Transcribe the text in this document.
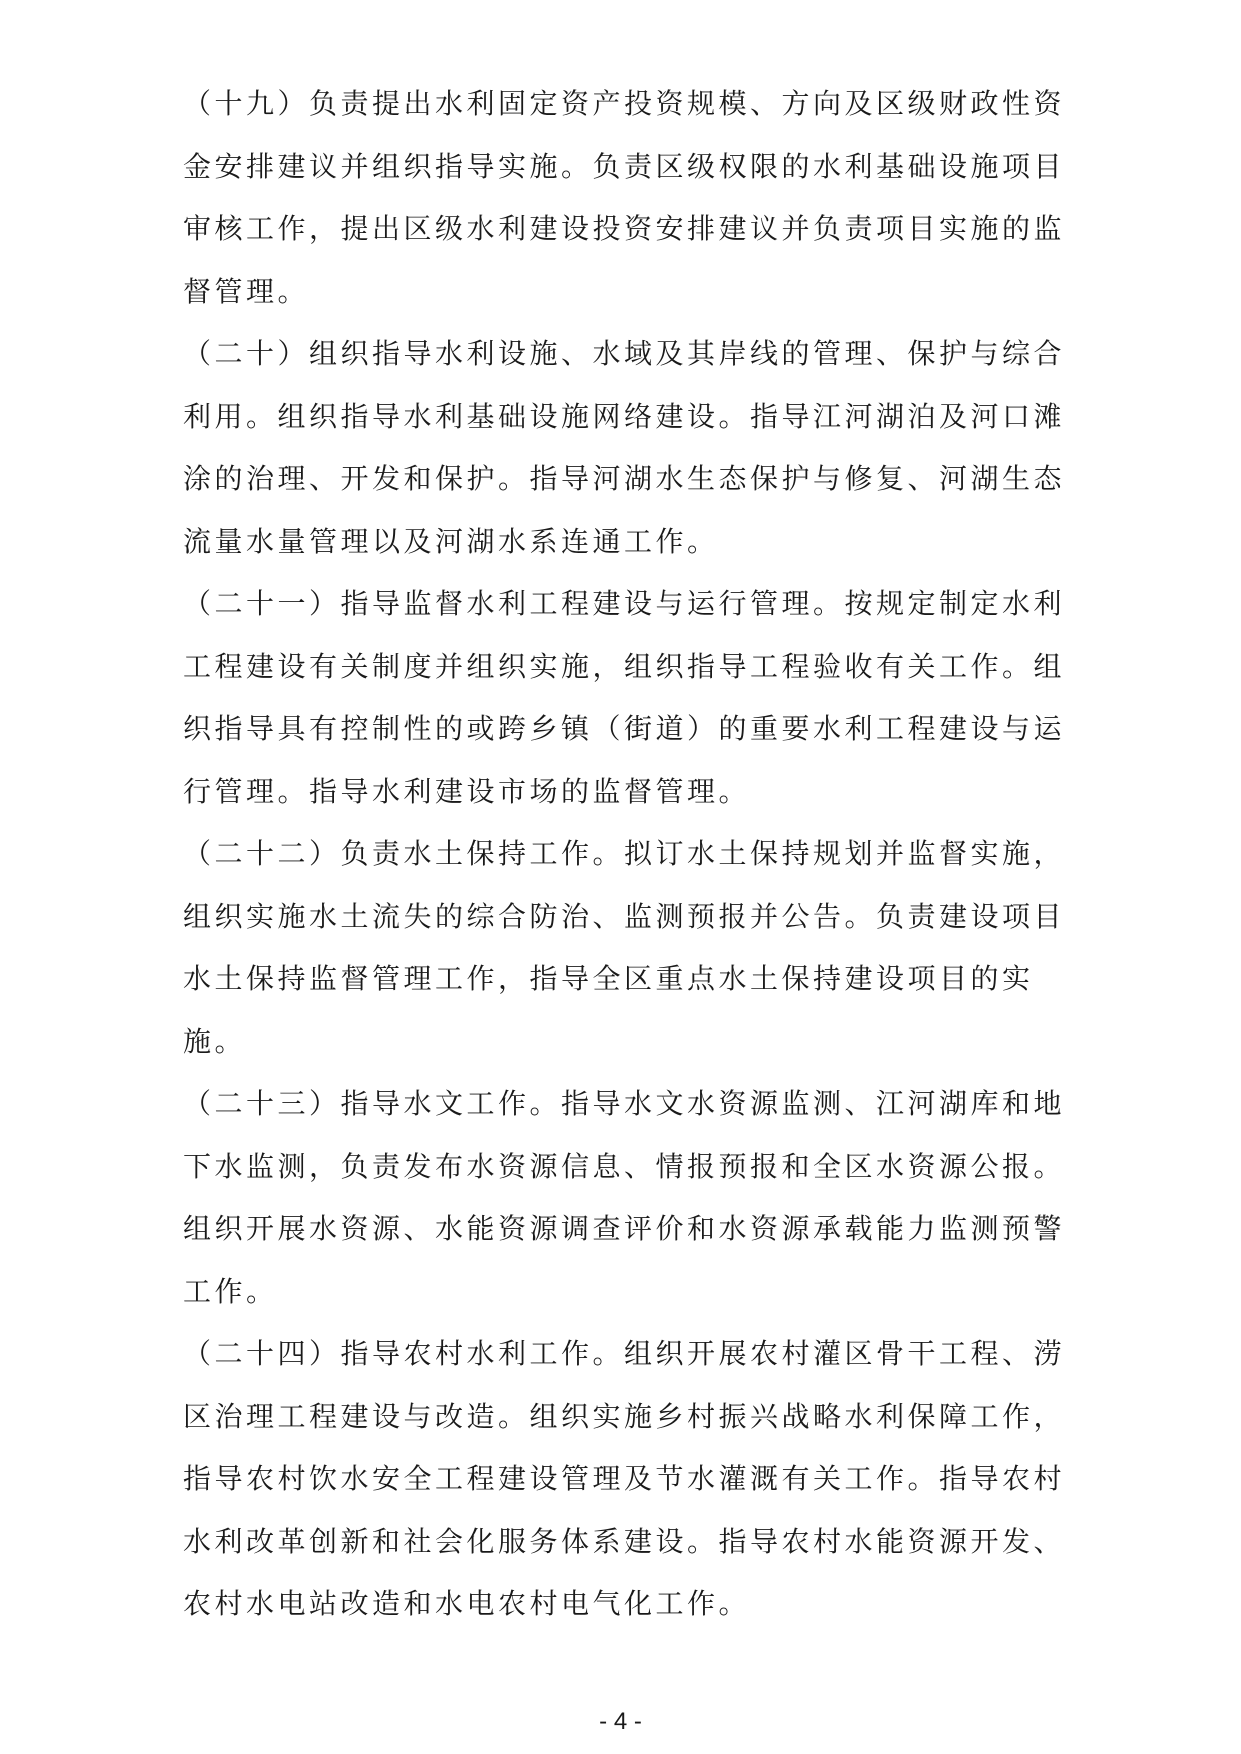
（十九）负责提出水利固定资产投资规模、方向及区级财政性资
金安排建议并组织指导实施。负责区级权限的水利基础设施项目
审核工作，提出区级水利建设投资安排建议并负责项目实施的监
督管理。
（二十）组织指导水利设施、水域及其岸线的管理、保护与综合
利用。组织指导水利基础设施网络建设。指导江河湖泊及河口滩
涂的治理、开发和保护。指导河湖水生态保护与修复、河湖生态
流量水量管理以及河湖水系连通工作。
（二十一）指导监督水利工程建设与运行管理。按规定制定水利
工程建设有关制度并组织实施，组织指导工程验收有关工作。组
织指导具有控制性的或跨乡镇（街道）的重要水利工程建设与运
行管理。指导水利建设市场的监督管理。
（二十二）负责水土保持工作。拟订水土保持规划并监督实施，
组织实施水土流失的综合防治、监测预报并公告。负责建设项目
水土保持监督管理工作，指导全区重点水土保持建设项目的实
施。
（二十三）指导水文工作。指导水文水资源监测、江河湖库和地
下水监测，负责发布水资源信息、情报预报和全区水资源公报。
组织开展水资源、水能资源调查评价和水资源承载能力监测预警
工作。
（二十四）指导农村水利工作。组织开展农村灌区骨干工程、涝
区治理工程建设与改造。组织实施乡村振兴战略水利保障工作，
指导农村饮水安全工程建设管理及节水灌溉有关工作。指导农村
水利改革创新和社会化服务体系建设。指导农村水能资源开发、
农村水电站改造和水电农村电气化工作。
- 4 -
